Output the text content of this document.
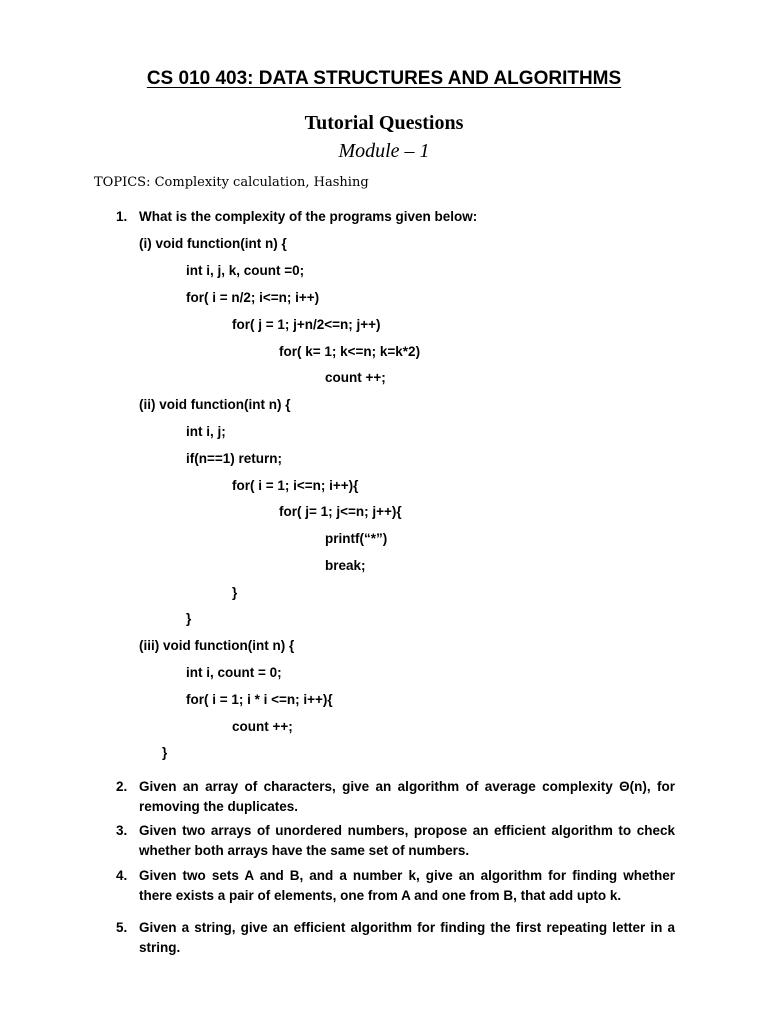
CS 010 403: DATA STRUCTURES AND ALGORITHMS
Tutorial Questions
Module – 1
TOPICS: Complexity calculation, Hashing
1. What is the complexity of the programs given below:
(i) void function(int n) {
int i, j, k, count =0;
for( i = n/2; i<=n; i++)
for( j = 1; j+n/2<=n; j++)
for( k= 1; k<=n; k=k*2)
count ++;
(ii) void function(int n) {
int i, j;
if(n==1) return;
for( i = 1; i<=n; i++){
for( j= 1; j<=n; j++){
printf(“*”)
break;
}
}
(iii) void function(int n) {
int i, count = 0;
for( i = 1; i * i <=n; i++){
count ++;
}
2. Given an array of characters, give an algorithm of average complexity Θ(n), for removing the duplicates.
3. Given two arrays of unordered numbers, propose an efficient algorithm to check whether both arrays have the same set of numbers.
4. Given two sets A and B, and a number k, give an algorithm for finding whether there exists a pair of elements, one from A and one from B, that add upto k.
5. Given a string, give an efficient algorithm for finding the first repeating letter in a string.
